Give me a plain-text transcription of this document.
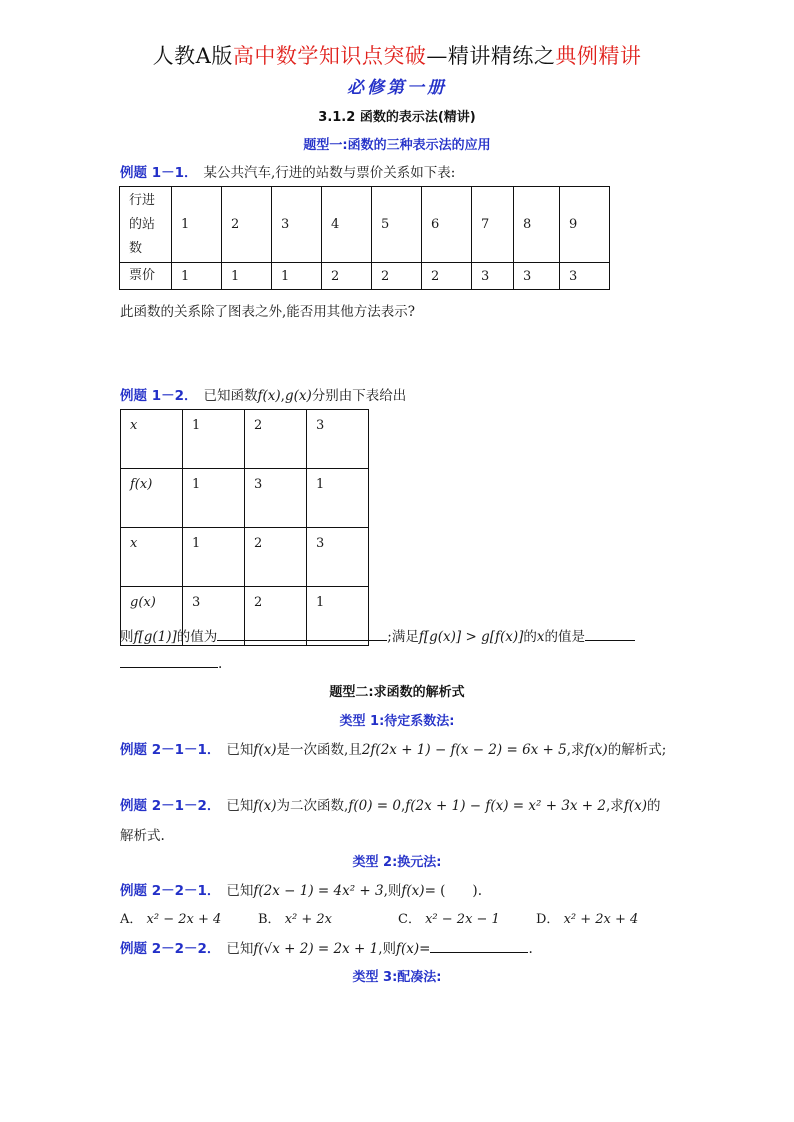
人教A版高中数学知识点突破—精讲精练之典例精讲
必修第一册
3.1.2 函数的表示法(精讲)
题型一:函数的三种表示法的应用
例题 1－1． 某公共汽车,行进的站数与票价关系如下表:
行进
的站
数	1	2	3	4	5	6	7	8	9
票价	1	1	1	2	2	2	3	3	3
此函数的关系除了图表之外,能否用其他方法表示?
例题 1－2． 已知函数f(x),g(x)分别由下表给出
x	1	2	3
f(x)	1	3	1
x	1	2	3
g(x)	3	2	1
则f[g(1)]的值为	;满足f[g(x)] > g[f(x)]的x的值是
.
题型二:求函数的解析式
类型 1:待定系数法:
例题 2－1－1． 已知f(x)是一次函数,且2f(2x + 1) − f(x − 2) = 6x + 5,求f(x)的解析式;
例题 2－1－2． 已知f(x)为二次函数,f(0) = 0,f(2x + 1) − f(x) = x² + 3x + 2,求f(x)的
解析式.
类型 2:换元法:
例题 2－2－1． 已知f(2x − 1) = 4x² + 3,则f(x)= (　　).
A． x² − 2x + 4	B． x² + 2x	C． x² − 2x − 1	D． x² + 2x + 4
例题 2－2－2． 已知f(√x + 2) = 2x + 1,则f(x)=	.
类型 3:配凑法:
